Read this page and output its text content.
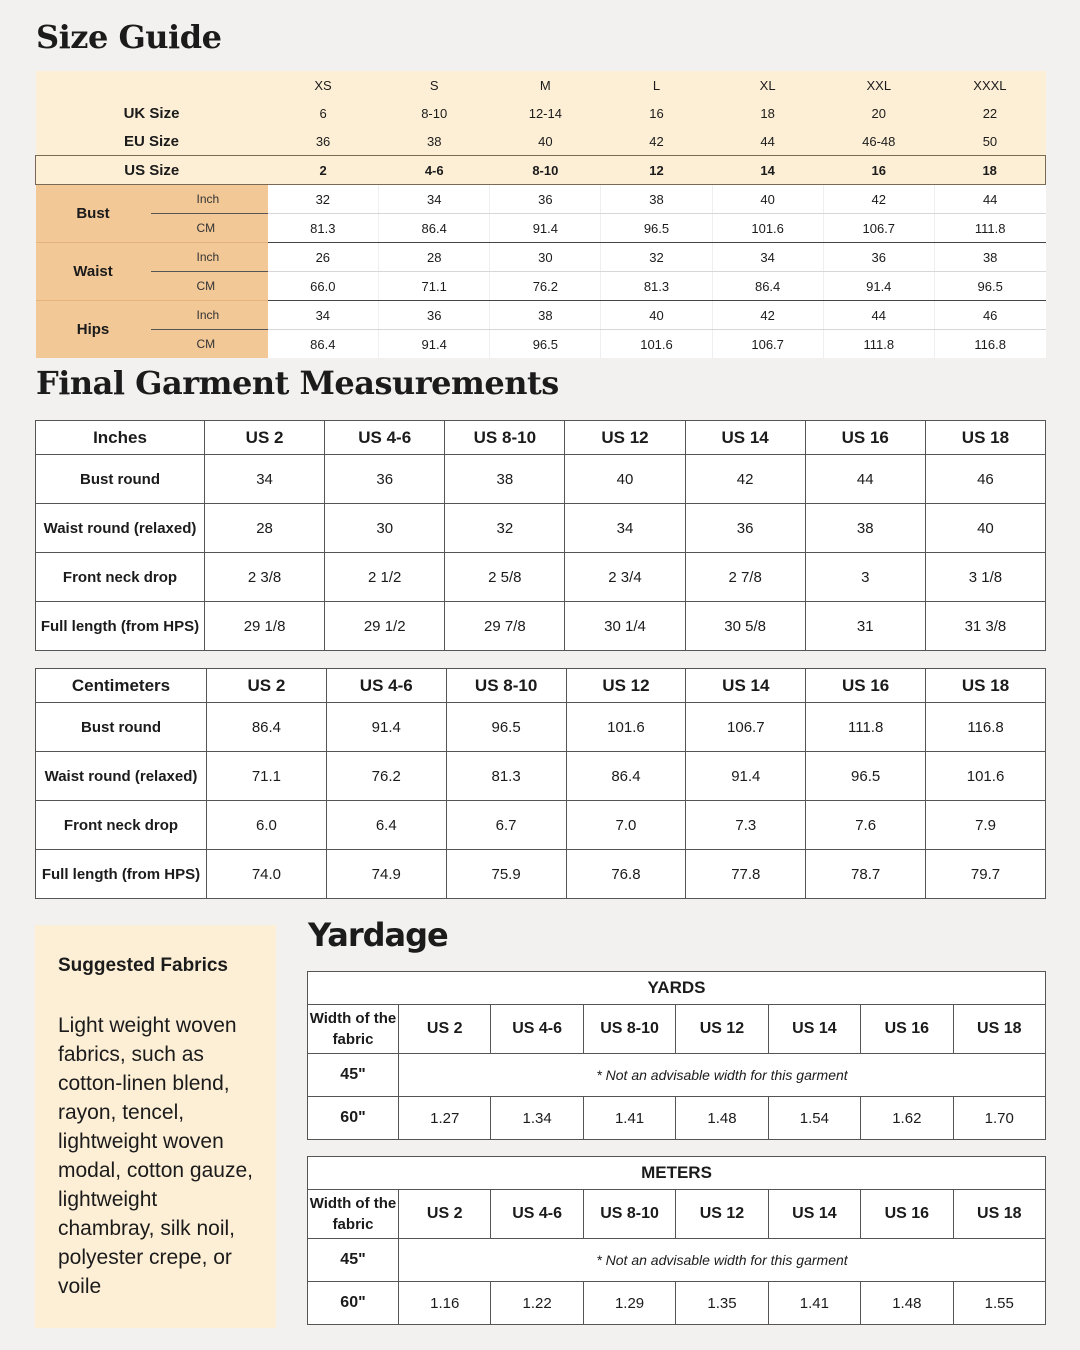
Size Guide
		XS	S	M	L	XL	XXL	XXXL
UK Size		6	8-10	12-14	16	18	20	22
EU Size		36	38	40	42	44	46-48	50
US Size		2	4-6	8-10	12	14	16	18
Bust	Inch	32	34	36	38	40	42	44
	CM	81.3	86.4	91.4	96.5	101.6	106.7	111.8
Waist	Inch	26	28	30	32	34	36	38
	CM	66.0	71.1	76.2	81.3	86.4	91.4	96.5
Hips	Inch	34	36	38	40	42	44	46
	CM	86.4	91.4	96.5	101.6	106.7	111.8	116.8
Final Garment Measurements
Inches	US 2	US 4-6	US 8-10	US 12	US 14	US 16	US 18
Bust round	34	36	38	40	42	44	46
Waist round (relaxed)	28	30	32	34	36	38	40
Front neck drop	2 3/8	2 1/2	2 5/8	2 3/4	2 7/8	3	3 1/8
Full length (from HPS)	29 1/8	29 1/2	29 7/8	30 1/4	30 5/8	31	31 3/8
Centimeters	US 2	US 4-6	US 8-10	US 12	US 14	US 16	US 18
Bust round	86.4	91.4	96.5	101.6	106.7	111.8	116.8
Waist round (relaxed)	71.1	76.2	81.3	86.4	91.4	96.5	101.6
Front neck drop	6.0	6.4	6.7	7.0	7.3	7.6	7.9
Full length (from HPS)	74.0	74.9	75.9	76.8	77.8	78.7	79.7

Suggested Fabrics

Light weight woven fabrics, such as cotton-linen blend, rayon, tencel, lightweight woven modal, cotton gauze, lightweight chambray, silk noil, polyester crepe, or voile

Yardage
YARDS							
Width of the fabric	US 2	US 4-6	US 8-10	US 12	US 14	US 16	US 18
45"	* Not an advisable width for this garment						
60"	1.27	1.34	1.41	1.48	1.54	1.62	1.70
METERS							
Width of the fabric	US 2	US 4-6	US 8-10	US 12	US 14	US 16	US 18
45"	* Not an advisable width for this garment						
60"	1.16	1.22	1.29	1.35	1.41	1.48	1.55
